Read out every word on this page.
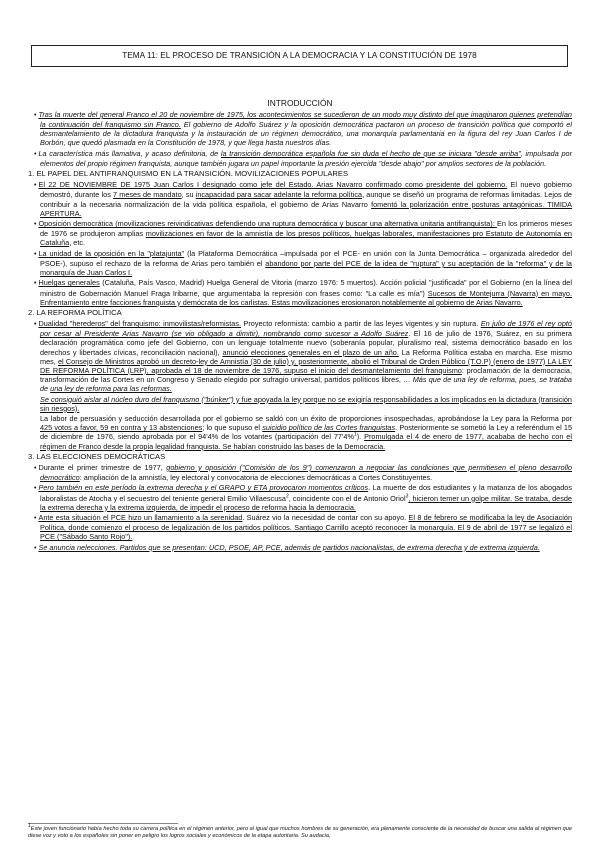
TEMA 11: EL PROCESO DE TRANSICIÓN A LA DEMOCRACIA Y LA CONSTITUCIÓN DE 1978
INTRODUCCIÓN

• Tras la muerte del general Franco el 20 de noviembre de 1975, los acontecimientos se sucedieron de un modo muy distinto del que imaginaron quienes pretendían la continuación del franquismo sin Franco. El gobierno de Adolfo Suárez y la oposición democrática pactaron un proceso de transición política que comportó el desmantelamiento de la dictadura franquista y la instauración de un régimen democrático, una monarquía parlamentaria en la figura del rey Juan Carlos I de Borbón, que quedó plasmada en la Constitución de 1978, y que llega hasta nuestros días.

• La característica más llamativa, y acaso definitoria, de la transición democrática española fue sin duda el hecho de que se iniciara "desde arriba", impulsada por elementos del propio régimen franquista, aunque también jugara un papel importante la presión ejercida "desde abajo" por amplios sectores de la población.

1. EL PAPEL DEL ANTIFRANQUISMO EN LA TRANSICIÓN. MOVILIZACIONES POPULARES

• El 22 DE NOVIEMBRE DE 1975 Juan Carlos I designado como jefe del Estado. Arias Navarro confirmado como presidente del gobierno. El nuevo gobierno demostró, durante los 7 meses de mandato, su incapacidad para sacar adelante la reforma política, aunque se diseñó un programa de reformas limitadas. Lejos de contribuir a la necesaria normalización de la vida política española, el gobierno de Arias Navarro fomentó la polarización entre posturas antagónicas. TIMIDA APERTURA.

• Oposición democrática (movilizaciones reivindicativas defendiendo una ruptura democrática y buscar una alternativa unitaria antifranquista): En los primeros meses de 1976 se produjeron amplias movilizaciones en favor de la amnistía de los presos políticos, huelgas laborales, manifestaciones pro Estatuto de Autonomía en Cataluña, etc.

• La unidad de la oposición en la "platajunta" (la Plataforma Democrática –impulsada por el PCE- en unión con la Junta Democrática – organizada alrededor del PSOE-), supuso el rechazo de la reforma de Arias pero también el abandono por parte del PCE de la idea de "ruptura" y su aceptación de la "reforma" y de la monarquía de Juan Carlos I.

• Huelgas generales (Cataluña, País Vasco, Madrid) Huelga General de Vitoria (marzo 1976: 5 muertos). Acción policial "justificada" por el Gobierno (en la línea del ministro de Gobernación Manuel Fraga Iribarne, que argumentaba la represión con frases como: "La calle es mía") Sucesos de Montejurra (Navarra) en mayo. Enfrentamiento entre facciones franquista y demócrata de los carlistas. Estas movilizaciones erosionaron notablemente al gobierno de Arias Navarro.

2. LA REFORMA POLÍTICA

• Dualidad "herederos" del franquismo: inmovilistas/reformistas. Proyecto reformista: cambio a partir de las leyes vigentes y sin ruptura. En julio de 1976 el rey optó por cesar al Presidente Arias Navarro (se vio obligado a dimitir), nombrando como sucesor a Adolfo Suárez. El 16 de julio de 1976, Suárez, en su primera declaración programática como jefe del Gobierno, con un lenguaje totalmente nuevo (soberanía popular, pluralismo real, sistema democrático basado en los derechos y libertades cívicas, reconciliación nacional), anunció elecciones generales en el plazo de un año. La Reforma Política estaba en marcha. Ese mismo mes, el Consejo de Ministros aprobó un decreto-ley de Amnistía (30 de julio) y, posteriormente, abolió el Tribunal de Orden Público (T.O.P) (enero de 1977) LA LEY DE REFORMA POLÍTICA (LRP), aprobada el 18 de noviembre de 1976, supuso el inicio del desmantelamiento del franquismo: proclamación de la democracia, transformación de las Cortes en un Congreso y Senado elegido por sufragio universal, partidos políticos libres, … Más que de una ley de reforma, pues, se trataba de una ley de reforma para las reformas.

Se consiguió aislar al núcleo duro del franquismo ("búnker") y fue apoyada la ley porque no se exigiría responsabilidades a los implicados en la dictadura (transición sin riesgos).

La labor de persuasión y seducción desarrollada por el gobierno se saldó con un éxito de proporciones insospechadas, aprobándose la Ley para la Reforma por 425 votos a favor, 59 en contra y 13 abstenciones; lo que supuso el suicidio político de las Cortes franquistas. Posteriormente se sometió la Ley a referéndum el 15 de diciembre de 1976, siendo aprobada por el 94'4% de los votantes (participación del 77'4%$^1$). Promulgada el 4 de enero de 1977, acababa de hecho con el régimen de Franco desde la propia legalidad franquista. Se habían construido las bases de la Democracia.

3. LAS ELECCIONES DEMOCRÁTICAS

• Durante el primer trimestre de 1977, gobierno y oposición ("Comisión de los 9") comenzaron a negociar las condiciones que permitiesen el pleno desarrollo democrático: ampliación de la amnistía, ley electoral y convocatoria de elecciones democráticas a Cortes Constituyentes.

• Pero también en este período la extrema derecha y el GRAPO y ETA provocaron momentos críticos. La muerte de dos estudiantes y la matanza de los abogados laboralistas de Atocha y el secuestro del teniente general Emilio Villaescusa$^2$, coincidente con el de Antonio Oriol$^3$, hicieron temer un golpe militar. Se trataba, desde la extrema derecha y la extrema izquierda, de impedir el proceso de reforma hacia la democracia.

• Ante esta situación el PCE hizo un llamamiento a la serenidad. Suárez vio la necesidad de contar con su apoyo. El 8 de febrero se modificaba la ley de Asociación Política, donde comienzo el proceso de legalización de los partidos políticos. Santiago Carrillo aceptó reconocer la monarquía. El 9 de abril de 1977 se legalizó el PCE ("Sábado Santo Rojo").

• Se anuncia nelecciones. Partidos que se presentan: UCD, PSOE, AP, PCE, además de partidos nacionalistas, de extrema derecha y de extrema izquierda.

$^1$Este joven funcionario había hecho toda su carrera política en el régimen anterior, pero al igual que muchos hombres de su generación, era plenamente consciente de la necesidad de buscar una salida al régimen que diese voz y voto a los españoles sin poner en peligro los logros sociales y económicos de la etapa autoritaria. Su audacia,
